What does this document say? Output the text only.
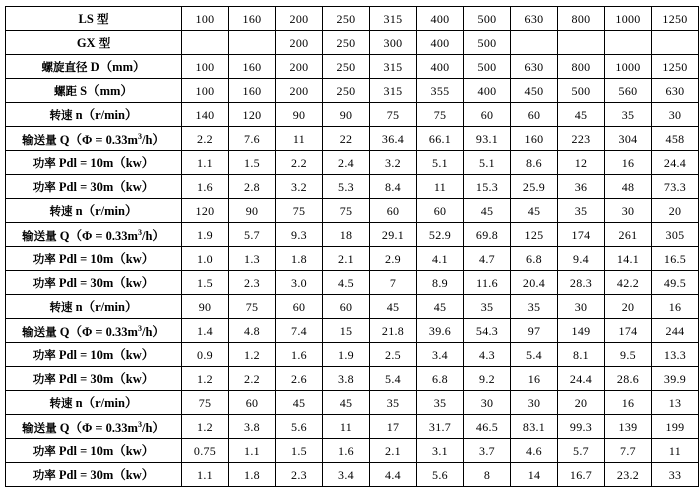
LS 型	100	160	200	250	315	400	500	630	800	1000	1250
GX 型			200	250	300	400	500				
螺旋直径 D（mm）	100	160	200	250	315	400	500	630	800	1000	1250
螺距 S（mm）	100	160	200	250	315	355	400	450	500	560	630
转速 n（r/min）	140	120	90	90	75	75	60	60	45	35	30
输送量 $Q(\Phi = 0.33m^3/h)$	2.2	7.6	11	22	36.4	66.1	93.1	160	223	304	458
功率 Pdl = 10m（kw）	1.1	1.5	2.2	2.4	3.2	5.1	5.1	8.6	12	16	24.4
功率 Pdl = 30m（kw）	1.6	2.8	3.2	5.3	8.4	11	15.3	25.9	36	48	73.3
转速 n（r/min）	120	90	75	75	60	60	45	45	35	30	20
输送量 $Q(\Phi = 0.33m^3/h)$	1.9	5.7	9.3	18	29.1	52.9	69.8	125	174	261	305
功率 Pdl = 10m（kw）	1.0	1.3	1.8	2.1	2.9	4.1	4.7	6.8	9.4	14.1	16.5
功率 Pdl = 30m（kw）	1.5	2.3	3.0	4.5	7	8.9	11.6	20.4	28.3	42.2	49.5
转速 n（r/min）	90	75	60	60	45	45	35	35	30	20	16
输送量 $Q(\Phi = 0.33m^3/h)$	1.4	4.8	7.4	15	21.8	39.6	54.3	97	149	174	244
功率 Pdl = 10m（kw）	0.9	1.2	1.6	1.9	2.5	3.4	4.3	5.4	8.1	9.5	13.3
功率 Pdl = 30m（kw）	1.2	2.2	2.6	3.8	5.4	6.8	9.2	16	24.4	28.6	39.9
转速 n（r/min）	75	60	45	45	35	35	30	30	20	16	13
输送量 $Q(\Phi = 0.33m^3/h)$	1.2	3.8	5.6	11	17	31.7	46.5	83.1	99.3	139	199
功率 Pdl = 10m（kw）	0.75	1.1	1.5	1.6	2.1	3.1	3.7	4.6	5.7	7.7	11
功率 Pdl = 30m（kw）	1.1	1.8	2.3	3.4	4.4	5.6	8	14	16.7	23.2	33
